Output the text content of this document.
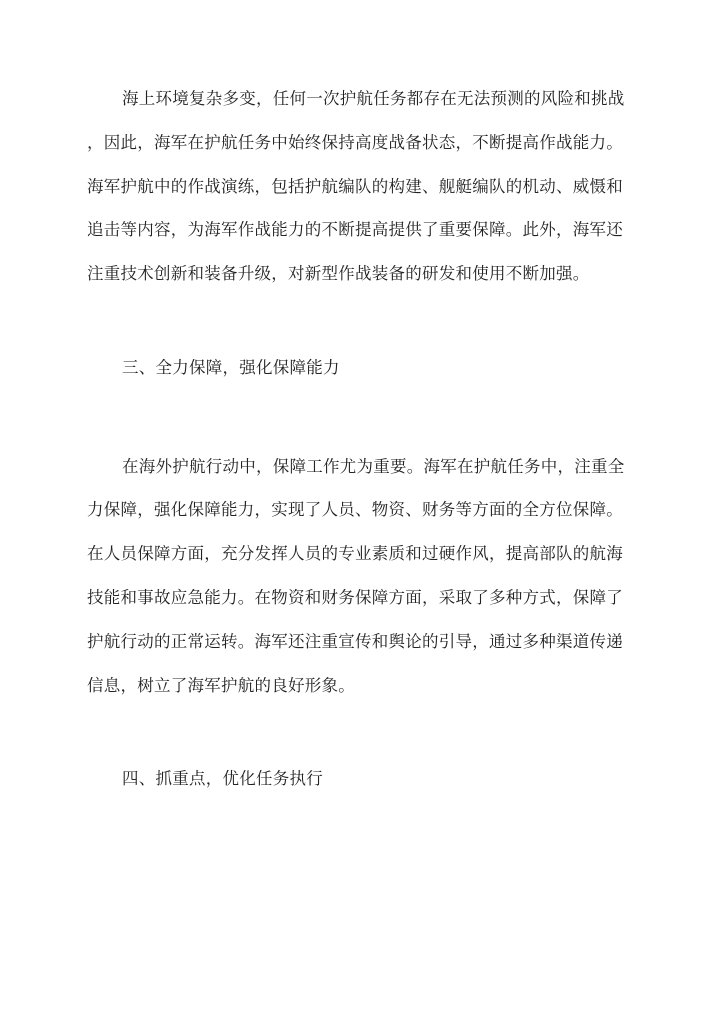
海上环境复杂多变，任何一次护航任务都存在无法预测的风险和挑战
，因此，海军在护航任务中始终保持高度战备状态，不断提高作战能力。
海军护航中的作战演练，包括护航编队的构建、舰艇编队的机动、威慑和
追击等内容，为海军作战能力的不断提高提供了重要保障。此外，海军还
注重技术创新和装备升级，对新型作战装备的研发和使用不断加强。
三、全力保障，强化保障能力
在海外护航行动中，保障工作尤为重要。海军在护航任务中，注重全
力保障，强化保障能力，实现了人员、物资、财务等方面的全方位保障。
在人员保障方面，充分发挥人员的专业素质和过硬作风，提高部队的航海
技能和事故应急能力。在物资和财务保障方面，采取了多种方式，保障了
护航行动的正常运转。海军还注重宣传和舆论的引导，通过多种渠道传递
信息，树立了海军护航的良好形象。
四、抓重点，优化任务执行
